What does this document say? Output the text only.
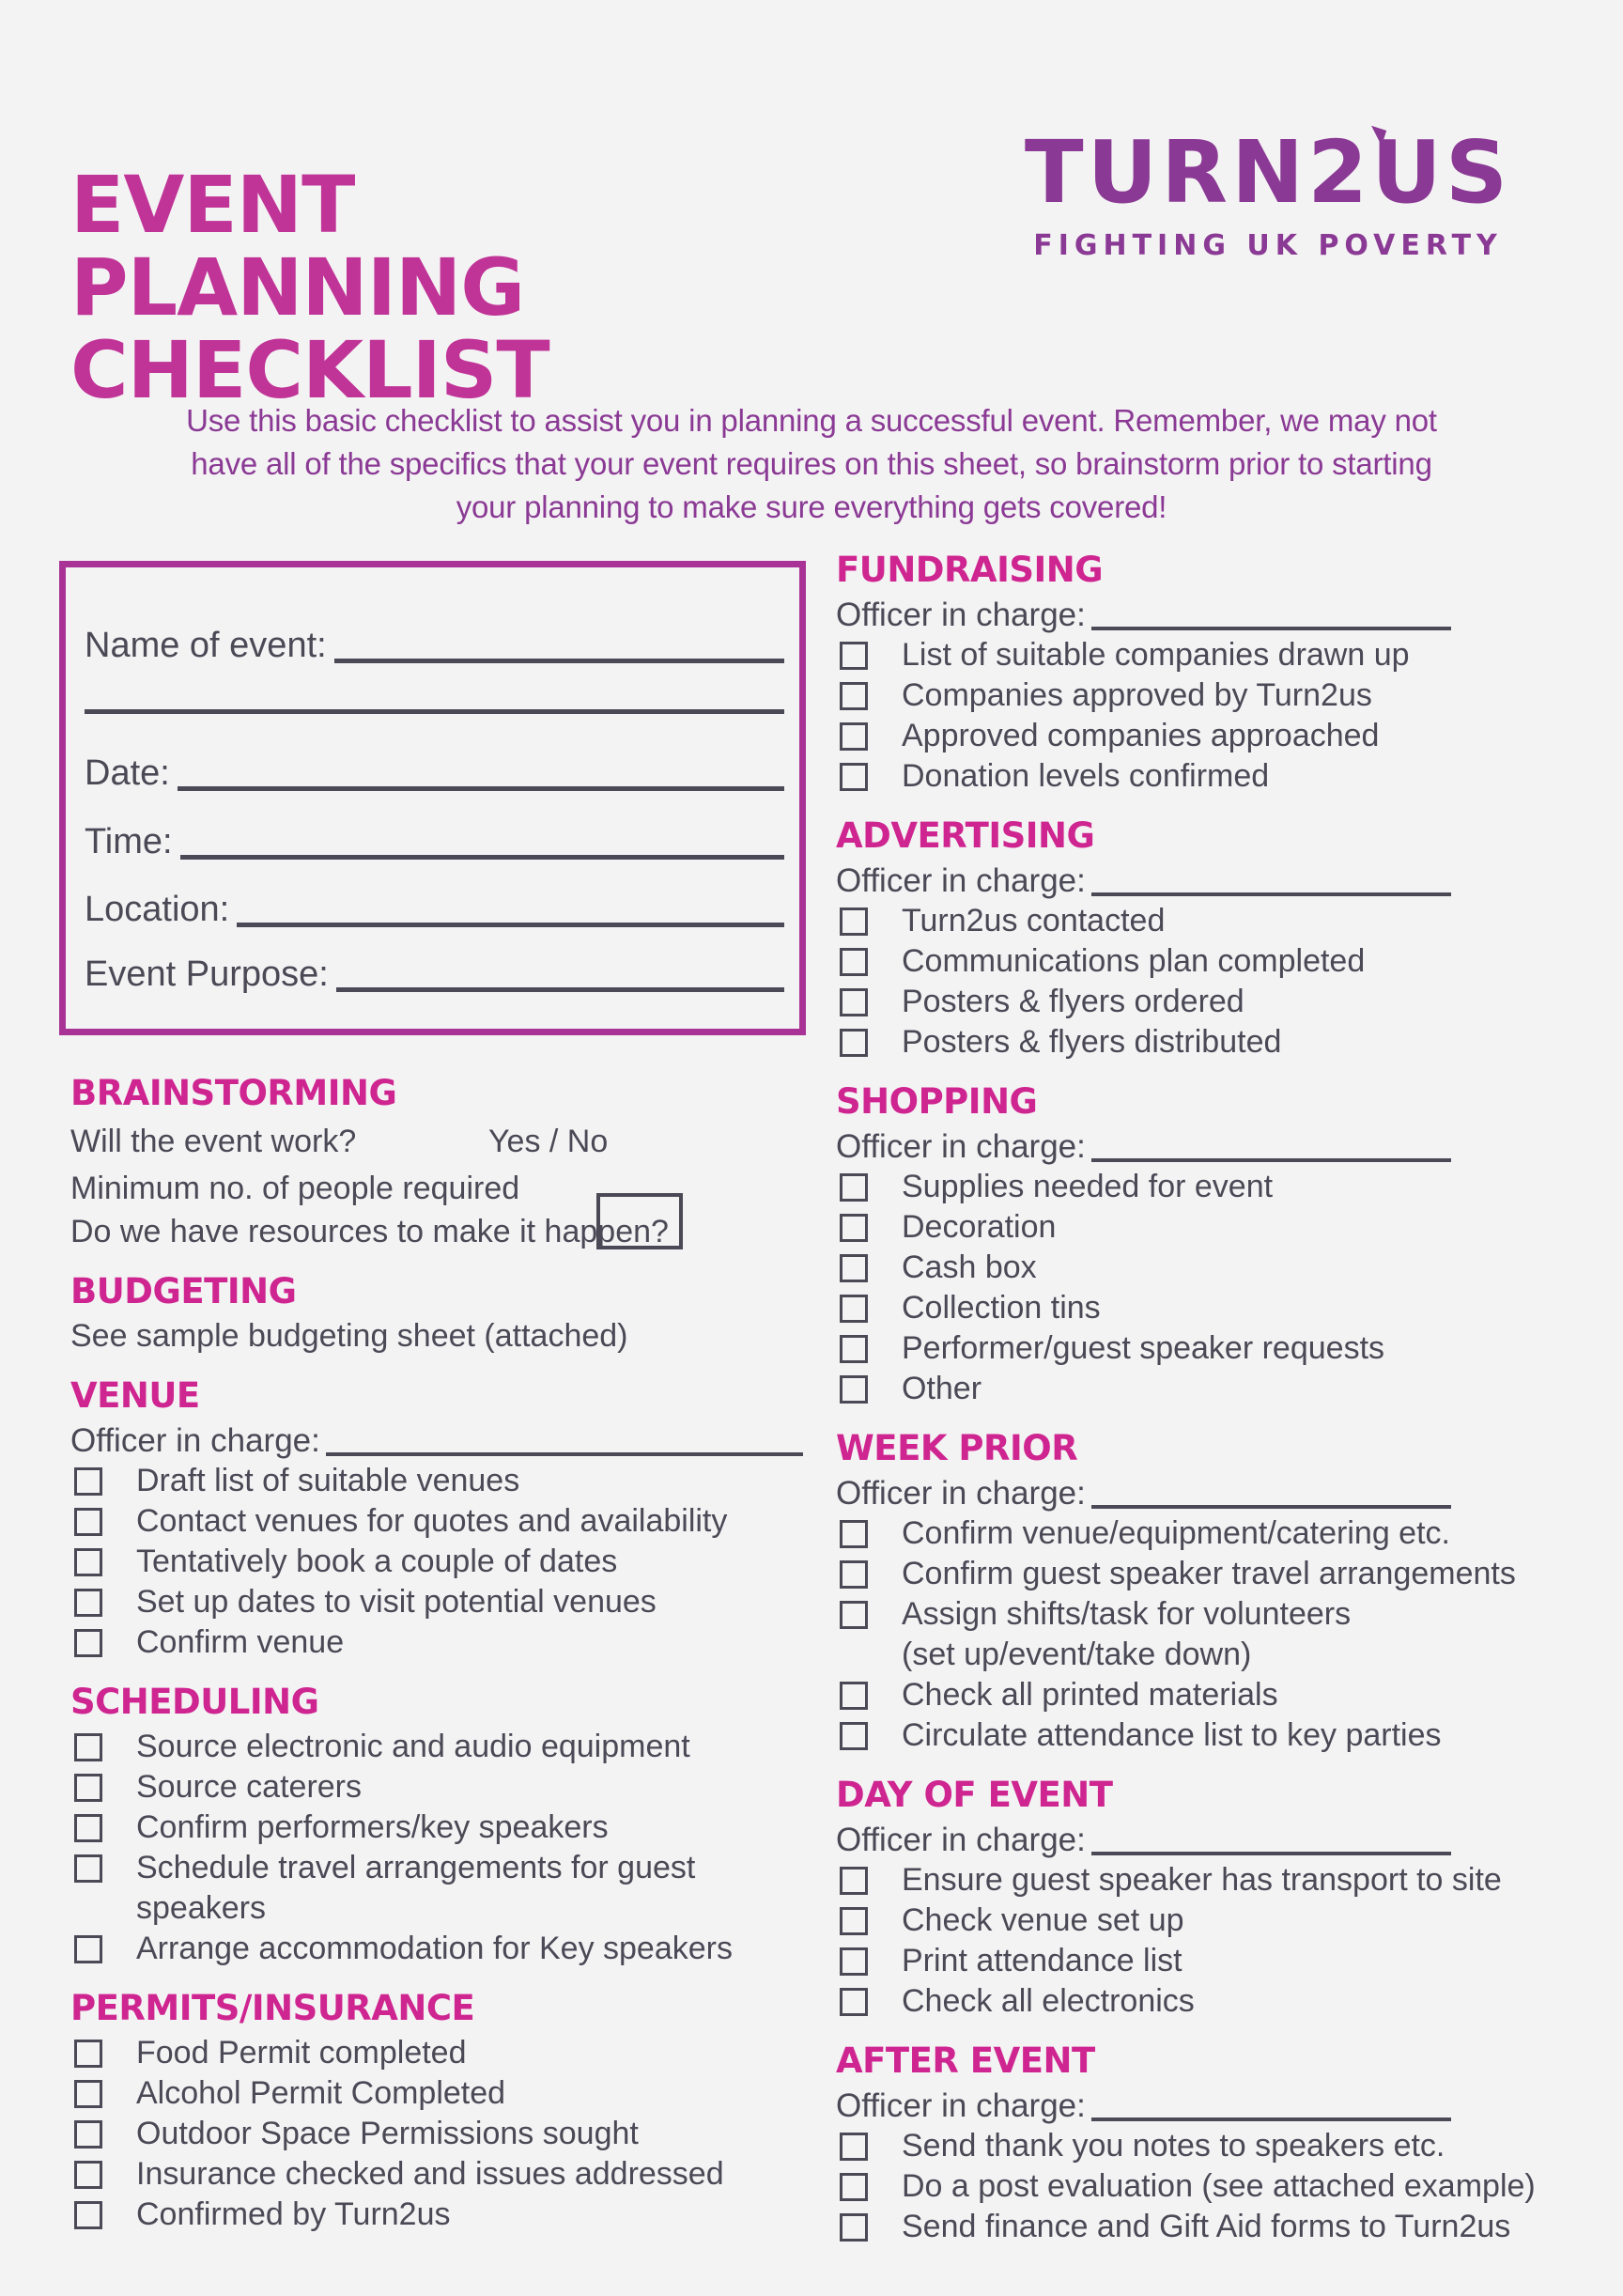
EVENT
PLANNING
CHECKLIST
TURN2
US
FIGHTING UK POVERTY
Use this basic checklist to assist you in planning a successful event. Remember, we may not
have all of the specifics that your event requires on this sheet, so brainstorm prior to starting
your planning to make sure everything gets covered!
Name of event:
Date:
Time:
Location:
Event Purpose:
BRAINSTORMING
Will the event work?	Yes / No
Minimum no. of people required
Do we have resources to make it happen?
BUDGETING
See sample budgeting sheet (attached)
VENUE
Officer in charge:
Draft list of suitable venues
Contact venues for quotes and availability
Tentatively book a couple of dates
Set up dates to visit potential venues
Confirm venue
SCHEDULING
Source electronic and audio equipment
Source caterers
Confirm performers/key speakers
Schedule travel arrangements for guest
speakers
Arrange accommodation for Key speakers
PERMITS/INSURANCE
Food Permit completed
Alcohol Permit Completed
Outdoor Space Permissions sought
Insurance checked and issues addressed
Confirmed by Turn2us
FUNDRAISING
Officer in charge:
List of suitable companies drawn up
Companies approved by Turn2us
Approved companies approached
Donation levels confirmed
ADVERTISING
Officer in charge:
Turn2us contacted
Communications plan completed
Posters & flyers ordered
Posters & flyers distributed
SHOPPING
Officer in charge:
Supplies needed for event
Decoration
Cash box
Collection tins
Performer/guest speaker requests
Other
WEEK PRIOR
Officer in charge:
Confirm venue/equipment/catering etc.
Confirm guest speaker travel arrangements
Assign shifts/task for volunteers
(set up/event/take down)
Check all printed materials
Circulate attendance list to key parties
DAY OF EVENT
Officer in charge:
Ensure guest speaker has transport to site
Check venue set up
Print attendance list
Check all electronics
AFTER EVENT
Officer in charge:
Send thank you notes to speakers etc.
Do a post evaluation (see attached example)
Send finance and Gift Aid forms to Turn2us
